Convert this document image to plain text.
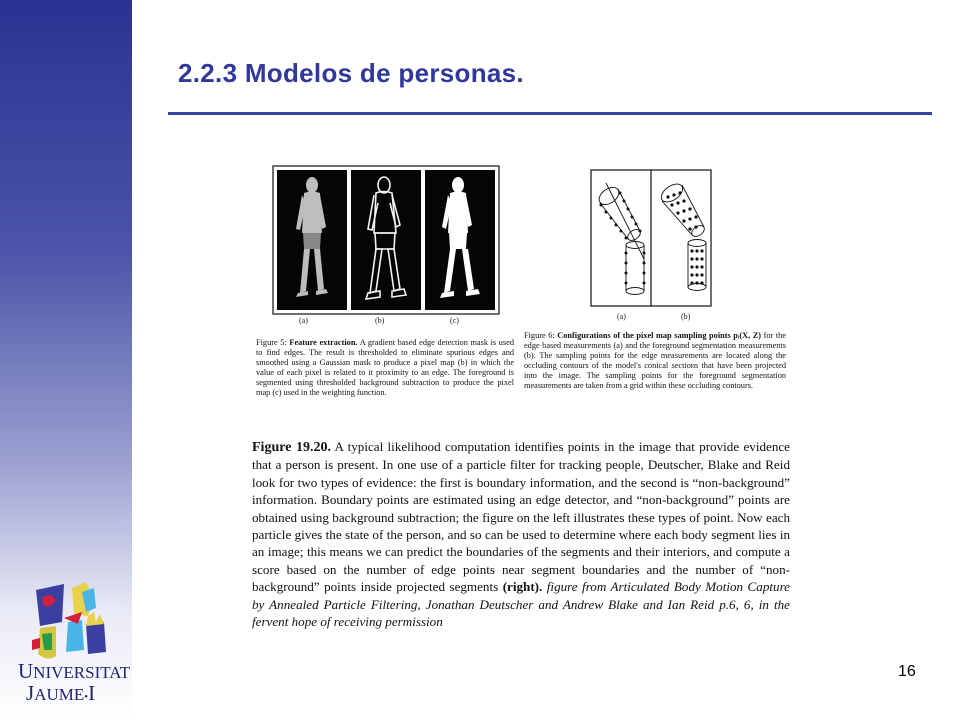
UNIVERSITAT
JAUME•I
2.2.3 Modelos de personas.
(a)	(b)	(c)	(a)	(b)
Figure 5: Feature extraction. A gradient based edge detection mask is used to find edges. The result is thresholded to eliminate spurious edges and smoothed using a Gaussian mask to produce a pixel map (b) in which the value of each pixel is related to it proximity to an edge. The foreground is segmented using thresholded background subtraction to produce the pixel map (c) used in the weighting function.
Figure 6: Configurations of the pixel map sampling points pᵢ(X, Z) for the edge based measurements (a) and the foreground segmentation measurements (b). The sampling points for the edge measurements are located along the occluding contours of the model's conical sections that have been projected into the image. The sampling points for the foreground segmentation measurements are taken from a grid within these occluding contours.
Figure 19.20. A typical likelihood computation identifies points in the image that provide evidence that a person is present. In one use of a particle filter for tracking people, Deutscher, Blake and Reid look for two types of evidence: the first is boundary information, and the second is “non-background” information. Boundary points are estimated using an edge detector, and “non-background” points are obtained using background subtraction; the figure on the left illustrates these types of point. Now each particle gives the state of the person, and so can be used to determine where each body segment lies in an image; this means we can predict the boundaries of the segments and their interiors, and compute a score based on the number of edge points near segment boundaries and the number of “non-background” points inside projected segments (right). figure from Articulated Body Motion Capture by Annealed Particle Filtering, Jonathan Deutscher and Andrew Blake and Ian Reid p.6, 6, in the fervent hope of receiving permission
16
